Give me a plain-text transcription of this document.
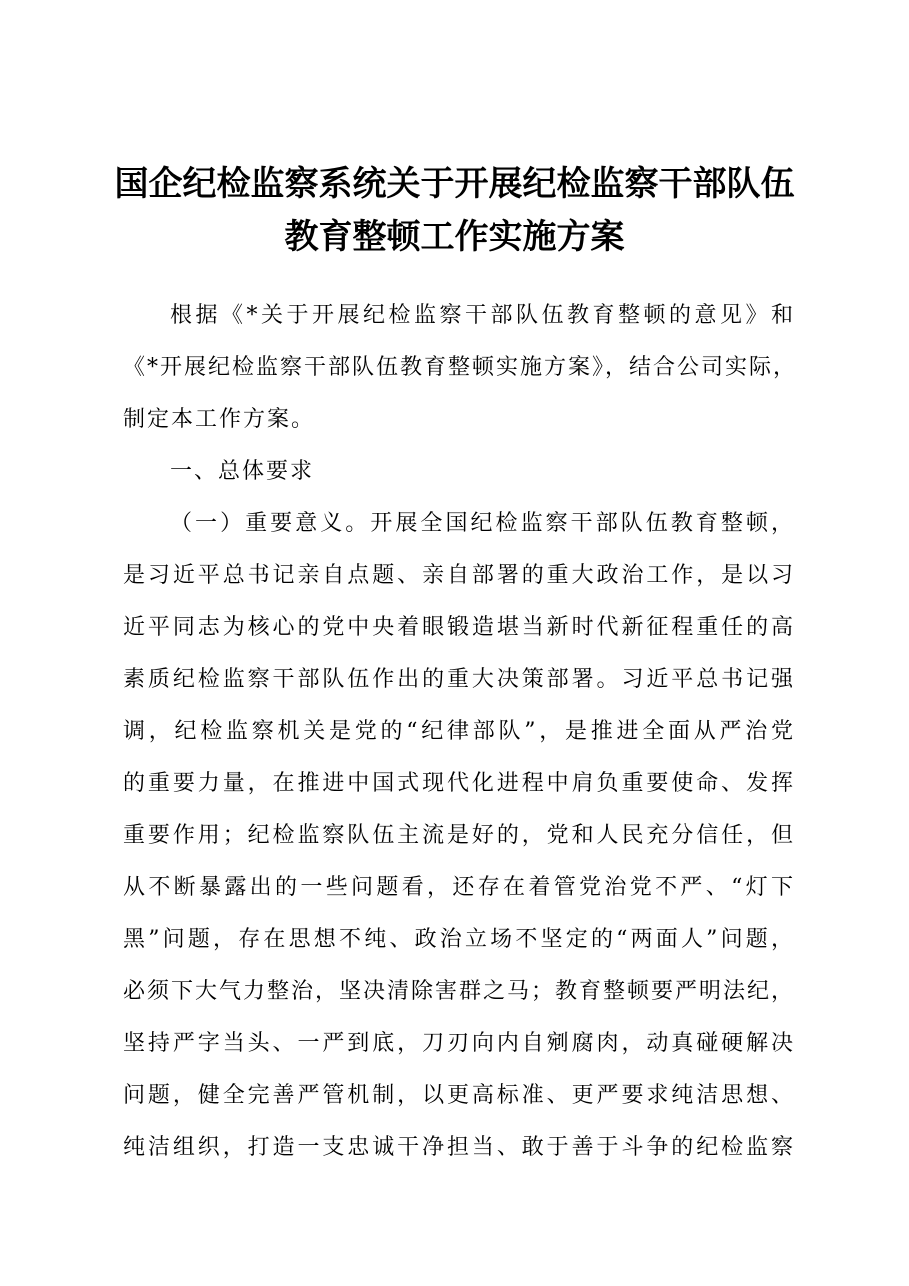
国企纪检监察系统关于开展纪检监察干部队伍
教育整顿工作实施方案
根据《*关于开展纪检监察干部队伍教育整顿的意见》和
《*开展纪检监察干部队伍教育整顿实施方案》，结合公司实际，
制定本工作方案。
一、总体要求
（一）重要意义。开展全国纪检监察干部队伍教育整顿，
是习近平总书记亲自点题、亲自部署的重大政治工作，是以习
近平同志为核心的党中央着眼锻造堪当新时代新征程重任的高
素质纪检监察干部队伍作出的重大决策部署。习近平总书记强
调，纪检监察机关是党的“纪律部队”，是推进全面从严治党
的重要力量，在推进中国式现代化进程中肩负重要使命、发挥
重要作用；纪检监察队伍主流是好的，党和人民充分信任，但
从不断暴露出的一些问题看，还存在着管党治党不严、“灯下
黑”问题，存在思想不纯、政治立场不坚定的“两面人”问题，
必须下大气力整治，坚决清除害群之马；教育整顿要严明法纪，
坚持严字当头、一严到底，刀刃向内自剜腐肉，动真碰硬解决
问题，健全完善严管机制，以更高标准、更严要求纯洁思想、
纯洁组织，打造一支忠诚干净担当、敢于善于斗争的纪检监察
